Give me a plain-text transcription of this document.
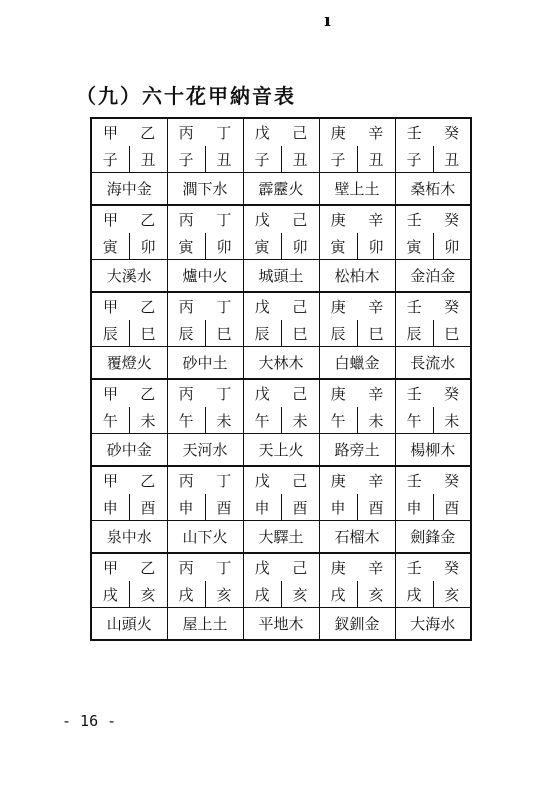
ı
（九）六十花甲納音表
甲	乙	丙	丁	戊	己	庚	辛	壬	癸
子	丑	子	丑	子	丑	子	丑	子	丑
海中金		澗下水		霹靂火		壁上土		桑柘木	
甲	乙	丙	丁	戊	己	庚	辛	壬	癸
寅	卯	寅	卯	寅	卯	寅	卯	寅	卯
大溪水		爐中火		城頭土		松柏木		金泊金	
甲	乙	丙	丁	戊	己	庚	辛	壬	癸
辰	巳	辰	巳	辰	巳	辰	巳	辰	巳
覆燈火		砂中土		大林木		白蠟金		長流水	
甲	乙	丙	丁	戊	己	庚	辛	壬	癸
午	未	午	未	午	未	午	未	午	未
砂中金		天河水		天上火		路旁土		楊柳木	
甲	乙	丙	丁	戊	己	庚	辛	壬	癸
申	酉	申	酉	申	酉	申	酉	申	酉
泉中水		山下火		大驛土		石榴木		劍鋒金	
甲	乙	丙	丁	戊	己	庚	辛	壬	癸
戌	亥	戌	亥	戌	亥	戌	亥	戌	亥
山頭火		屋上土		平地木		釵釧金		大海水	
- 16 -
